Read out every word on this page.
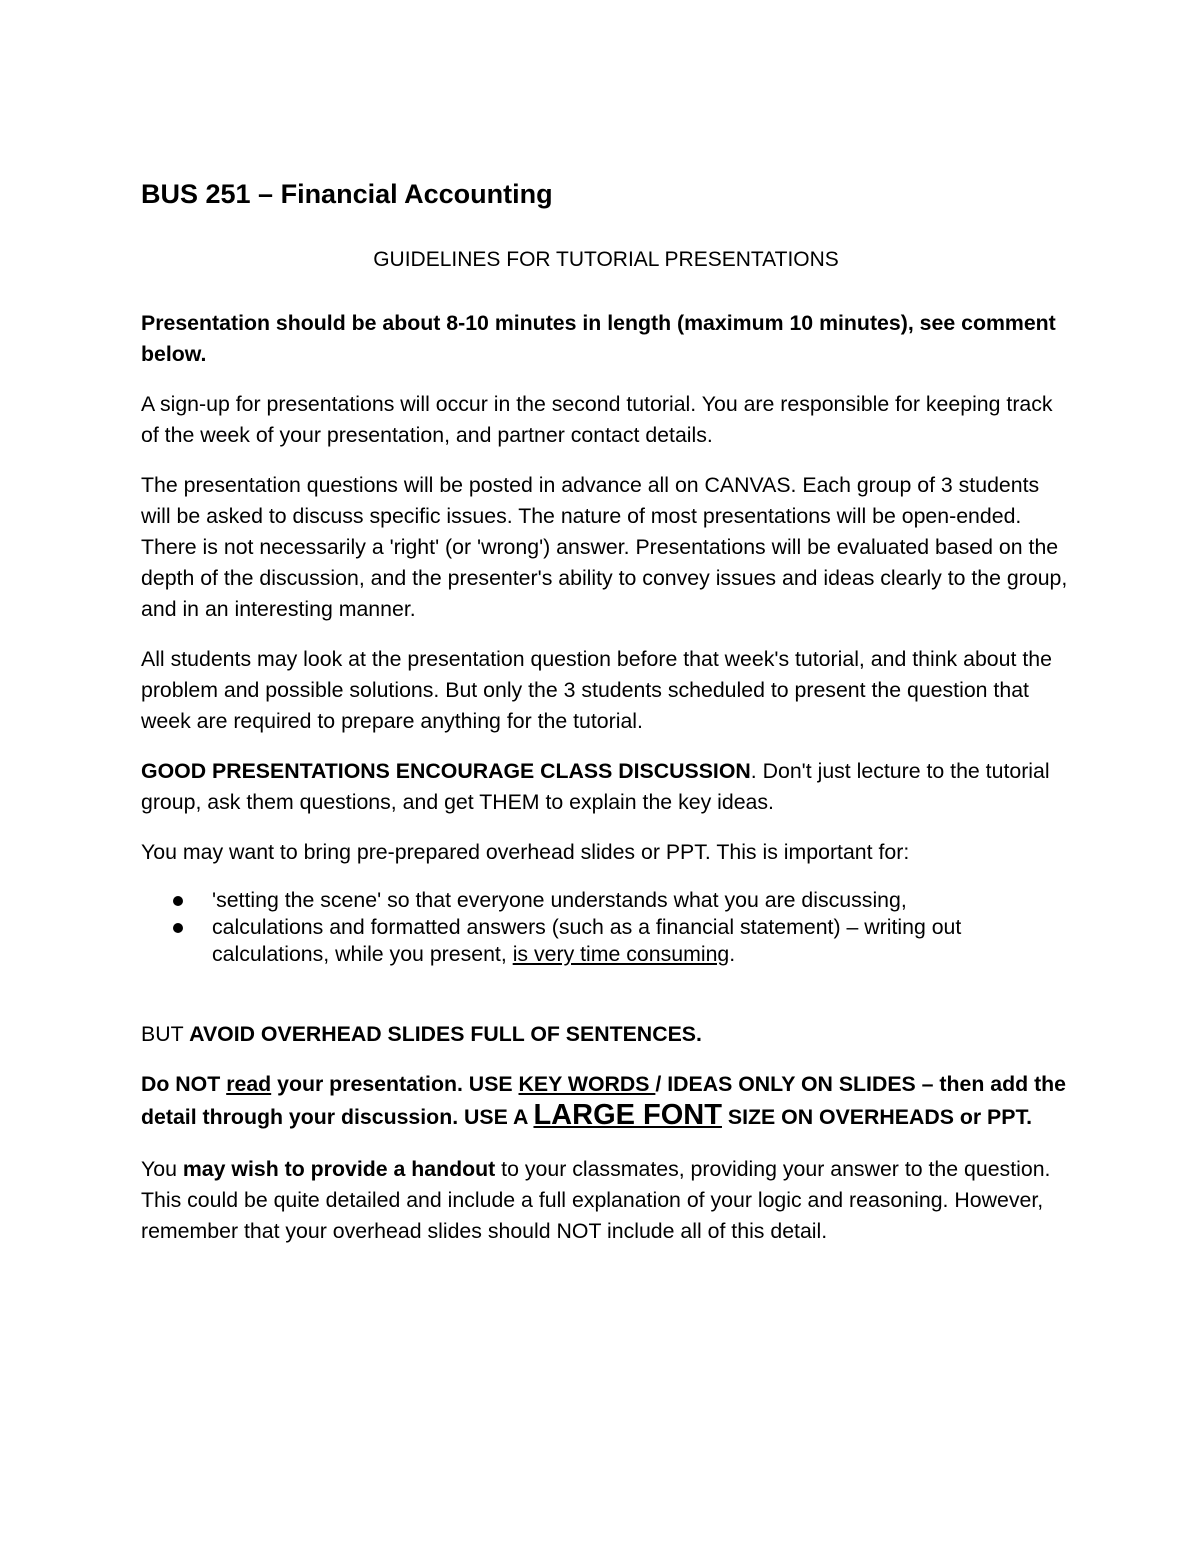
BUS 251 – Financial Accounting
GUIDELINES FOR TUTORIAL PRESENTATIONS

Presentation should be about 8-10 minutes in length (maximum 10 minutes), see comment below.

A sign-up for presentations will occur in the second tutorial. You are responsible for keeping track of the week of your presentation, and partner contact details.

The presentation questions will be posted in advance all on CANVAS. Each group of 3 students will be asked to discuss specific issues. The nature of most presentations will be open-ended. There is not necessarily a 'right' (or 'wrong') answer. Presentations will be evaluated based on the depth of the discussion, and the presenter's ability to convey issues and ideas clearly to the group, and in an interesting manner.

All students may look at the presentation question before that week's tutorial, and think about the problem and possible solutions. But only the 3 students scheduled to present the question that week are required to prepare anything for the tutorial.

GOOD PRESENTATIONS ENCOURAGE CLASS DISCUSSION. Don't just lecture to the tutorial group, ask them questions, and get THEM to explain the key ideas.

You may want to bring pre-prepared overhead slides or PPT. This is important for:

'setting the scene' so that everyone understands what you are discussing,
calculations and formatted answers (such as a financial statement) – writing out calculations, while you present, is very time consuming.

BUT AVOID OVERHEAD SLIDES FULL OF SENTENCES.

Do NOT read your presentation. USE KEY WORDS / IDEAS ONLY ON SLIDES – then add the detail through your discussion. USE A LARGE FONT SIZE ON OVERHEADS or PPT.

You may wish to provide a handout to your classmates, providing your answer to the question. This could be quite detailed and include a full explanation of your logic and reasoning. However, remember that your overhead slides should NOT include all of this detail.
